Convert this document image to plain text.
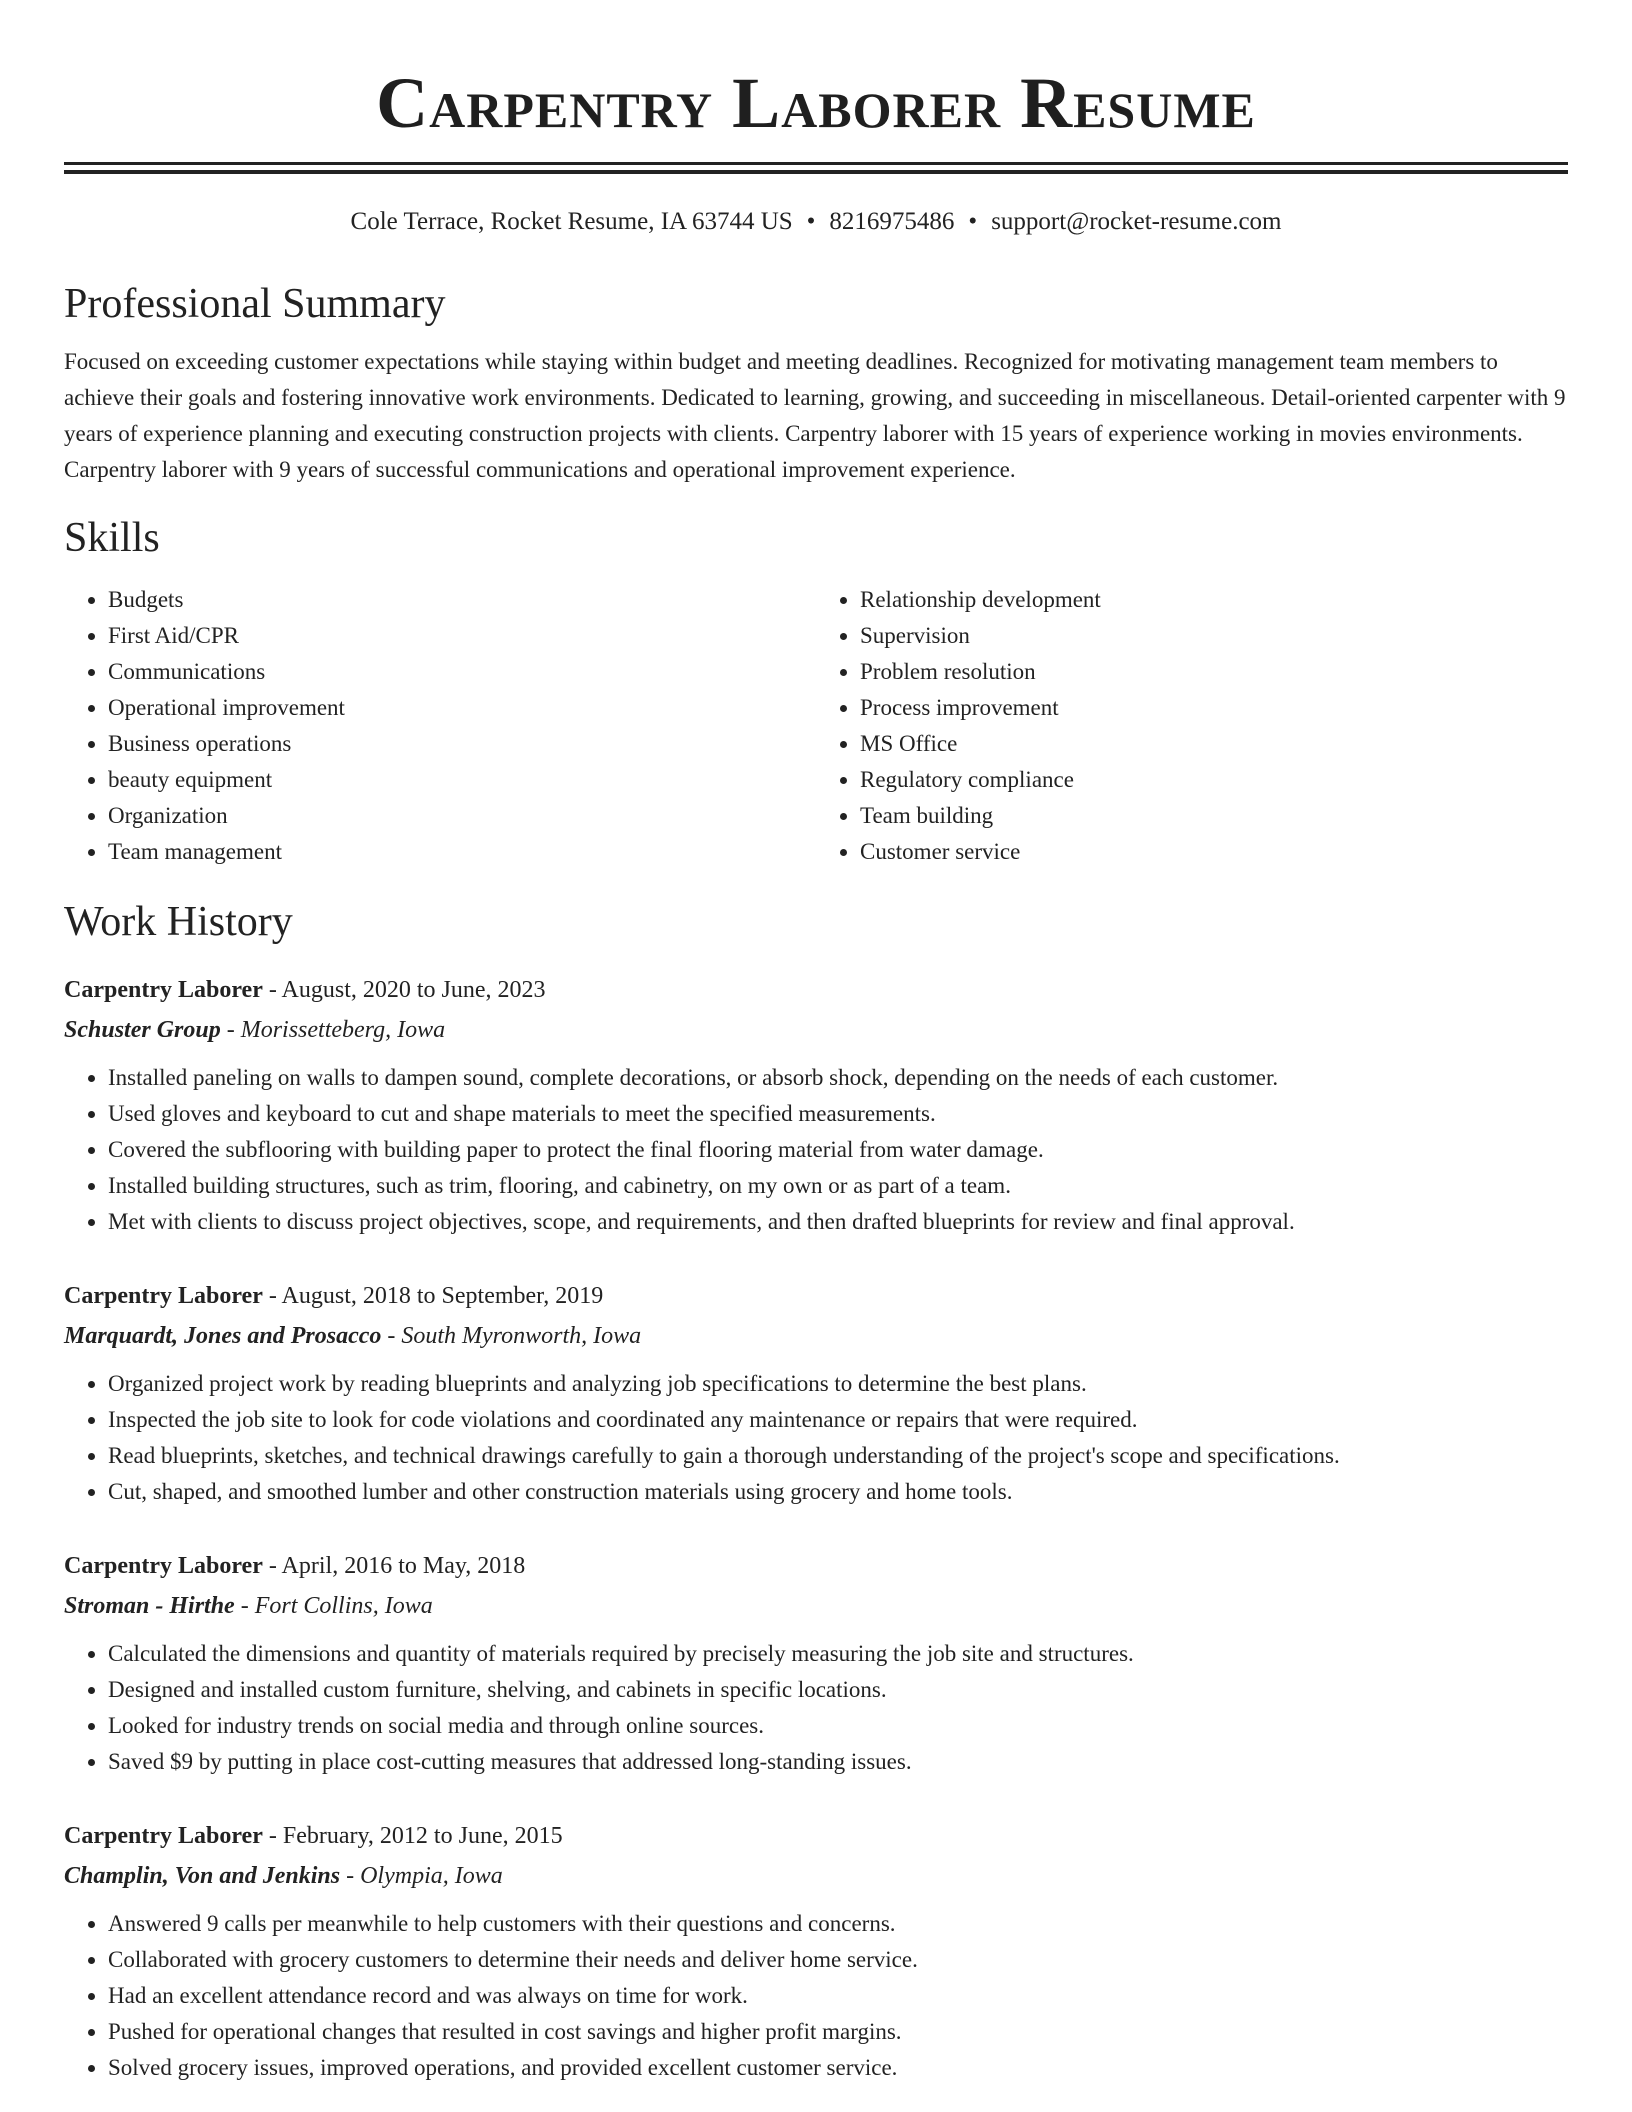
Carpentry Laborer Resume
Cole Terrace, Rocket Resume, IA 63744 US • 8216975486 • support@rocket-resume.com
Professional Summary

Focused on exceeding customer expectations while staying within budget and meeting deadlines. Recognized for motivating management team members to achieve their goals and fostering innovative work environments. Dedicated to learning, growing, and succeeding in miscellaneous. Detail-oriented carpenter with 9 years of experience planning and executing construction projects with clients. Carpentry laborer with 15 years of experience working in movies environments. Carpentry laborer with 9 years of successful communications and operational improvement experience.

Skills
• Budgets
• First Aid/CPR
• Communications
• Operational improvement
• Business operations
• beauty equipment
• Organization
• Team management
• Relationship development
• Supervision
• Problem resolution
• Process improvement
• MS Office
• Regulatory compliance
• Team building
• Customer service
Work History
Carpentry Laborer - August, 2020 to June, 2023
Schuster Group - Morissetteberg, Iowa
• Installed paneling on walls to dampen sound, complete decorations, or absorb shock, depending on the needs of each customer.
• Used gloves and keyboard to cut and shape materials to meet the specified measurements.
• Covered the subflooring with building paper to protect the final flooring material from water damage.
• Installed building structures, such as trim, flooring, and cabinetry, on my own or as part of a team.
• Met with clients to discuss project objectives, scope, and requirements, and then drafted blueprints for review and final approval.
Carpentry Laborer - August, 2018 to September, 2019
Marquardt, Jones and Prosacco - South Myronworth, Iowa
• Organized project work by reading blueprints and analyzing job specifications to determine the best plans.
• Inspected the job site to look for code violations and coordinated any maintenance or repairs that were required.
• Read blueprints, sketches, and technical drawings carefully to gain a thorough understanding of the project's scope and specifications.
• Cut, shaped, and smoothed lumber and other construction materials using grocery and home tools.
Carpentry Laborer - April, 2016 to May, 2018
Stroman - Hirthe - Fort Collins, Iowa
• Calculated the dimensions and quantity of materials required by precisely measuring the job site and structures.
• Designed and installed custom furniture, shelving, and cabinets in specific locations.
• Looked for industry trends on social media and through online sources.
• Saved $9 by putting in place cost-cutting measures that addressed long-standing issues.
Carpentry Laborer - February, 2012 to June, 2015
Champlin, Von and Jenkins - Olympia, Iowa
• Answered 9 calls per meanwhile to help customers with their questions and concerns.
• Collaborated with grocery customers to determine their needs and deliver home service.
• Had an excellent attendance record and was always on time for work.
• Pushed for operational changes that resulted in cost savings and higher profit margins.
• Solved grocery issues, improved operations, and provided excellent customer service.
